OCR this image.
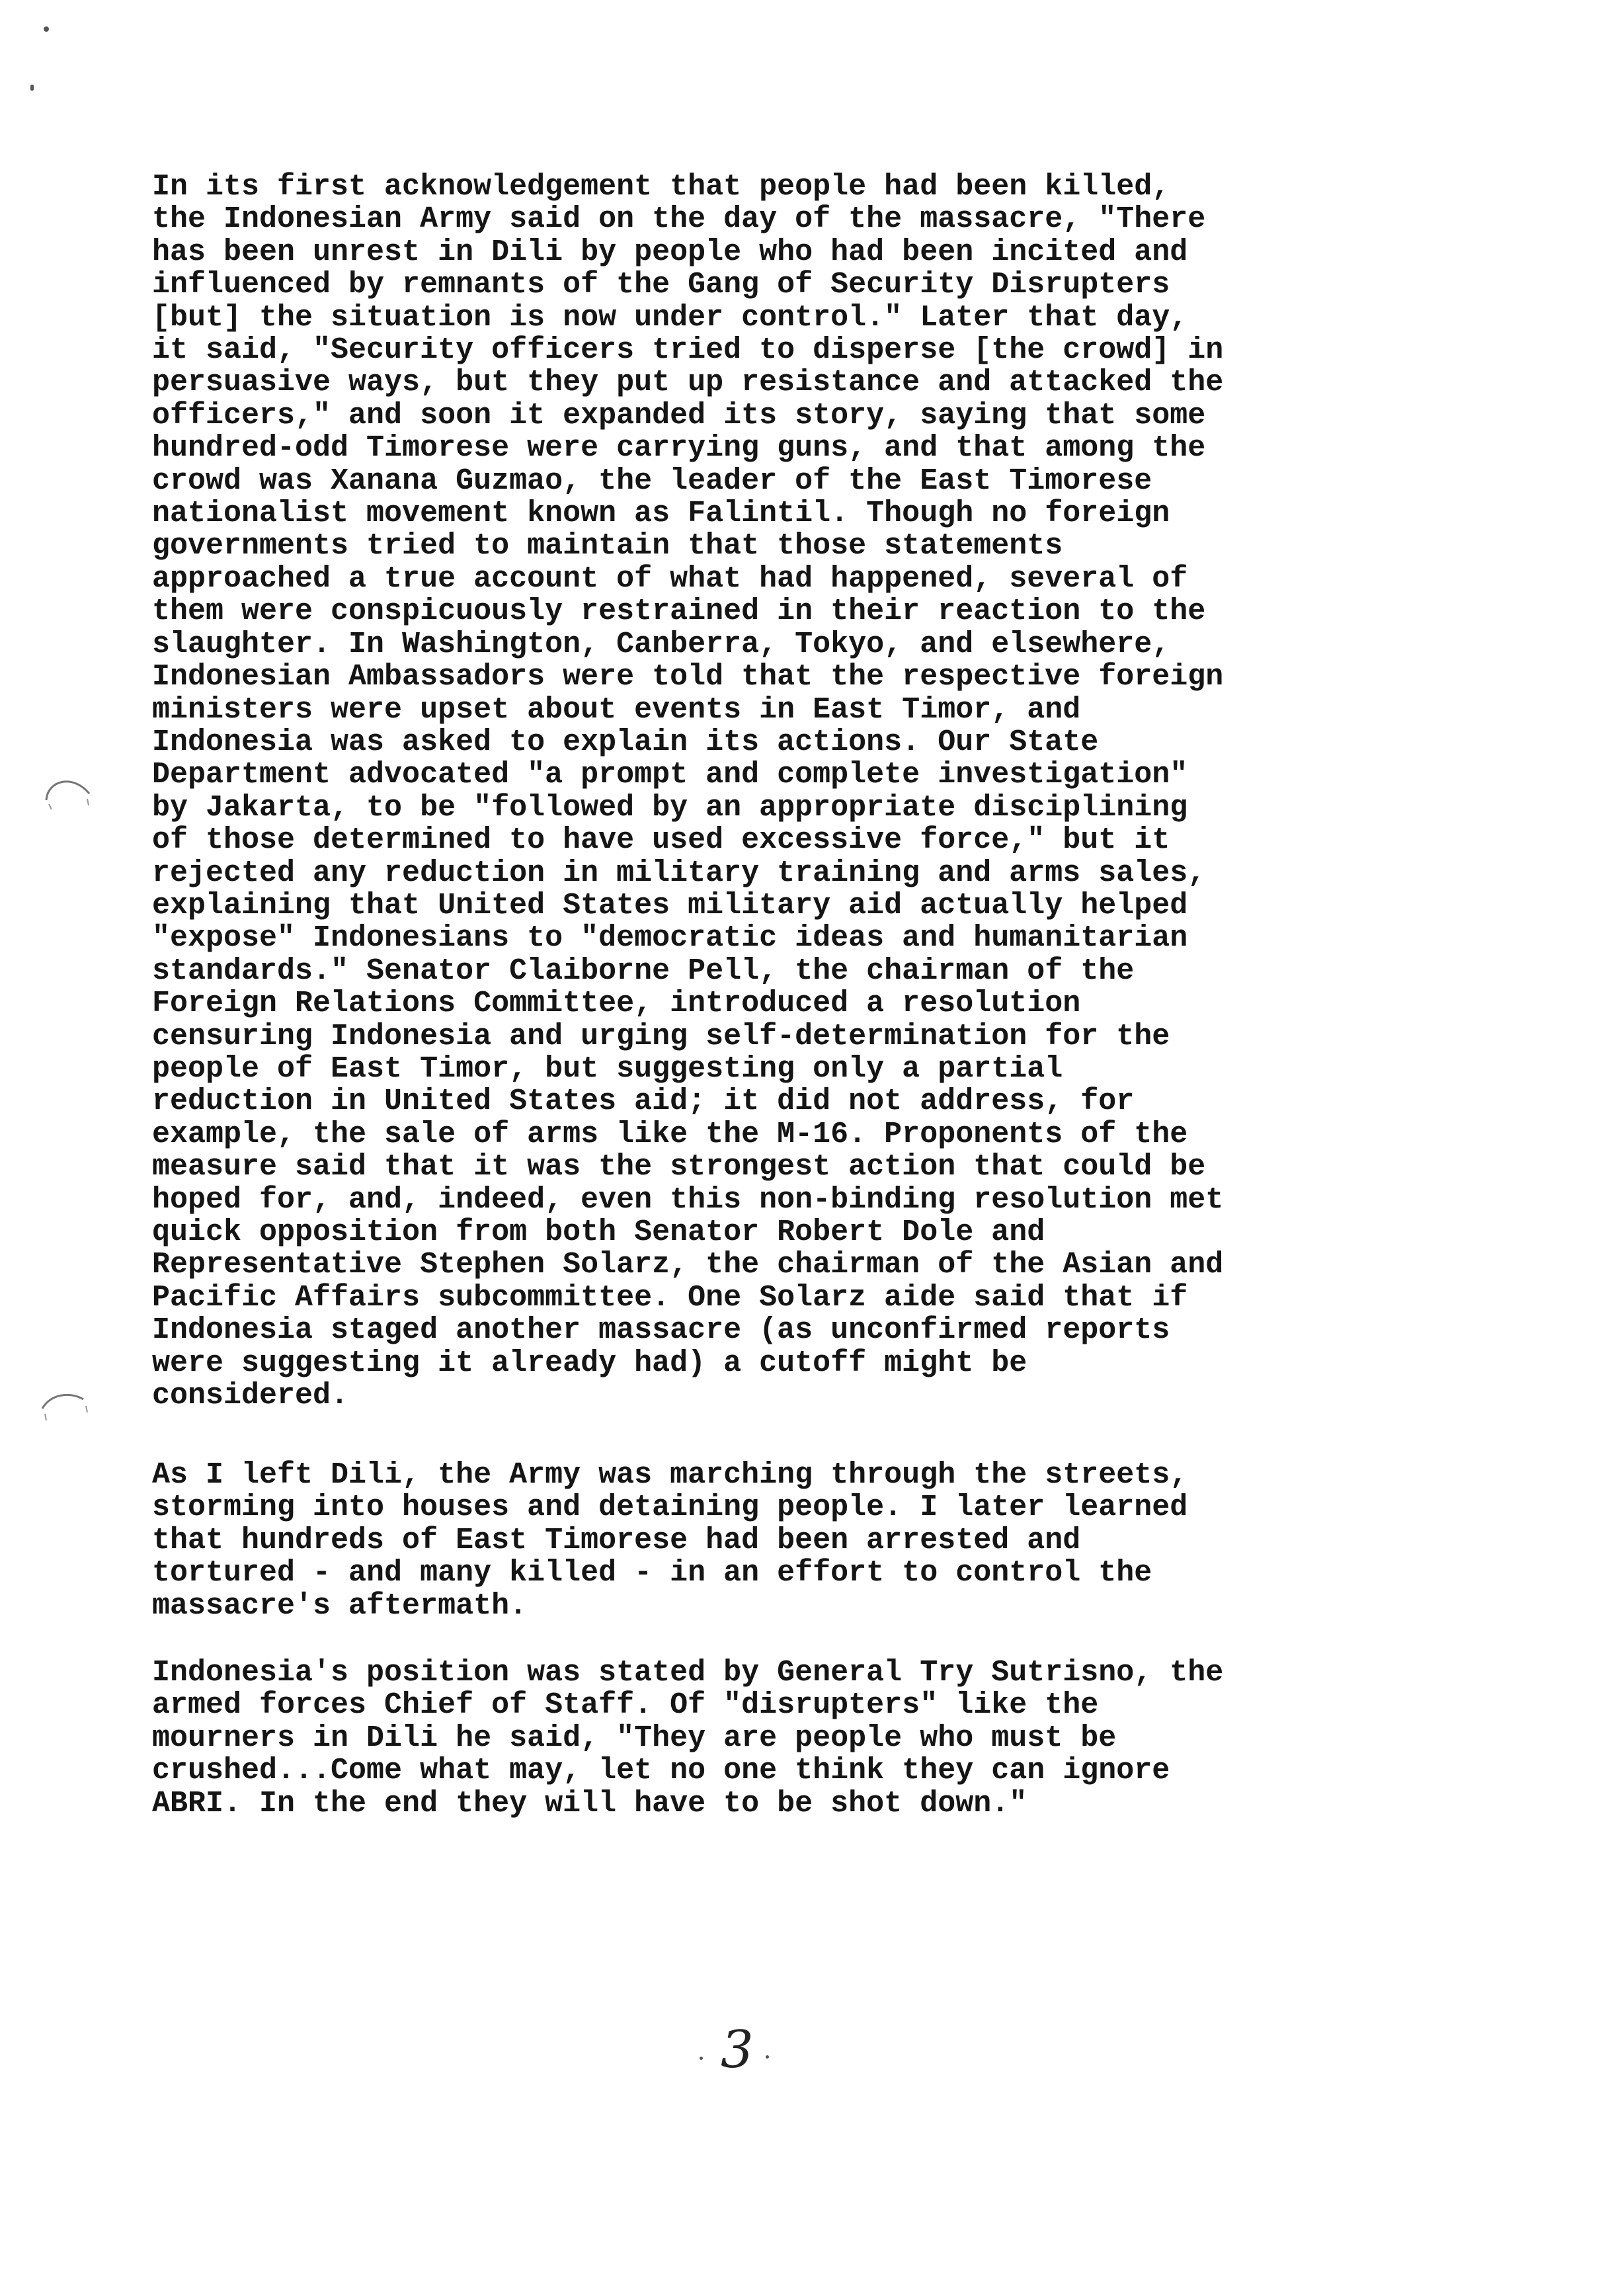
In its first acknowledgement that people had been killed,
the Indonesian Army said on the day of the massacre, "There
has been unrest in Dili by people who had been incited and
influenced by remnants of the Gang of Security Disrupters
[but] the situation is now under control." Later that day,
it said, "Security officers tried to disperse [the crowd] in
persuasive ways, but they put up resistance and attacked the
officers," and soon it expanded its story, saying that some
hundred-odd Timorese were carrying guns, and that among the
crowd was Xanana Guzmao, the leader of the East Timorese
nationalist movement known as Falintil. Though no foreign
governments tried to maintain that those statements
approached a true account of what had happened, several of
them were conspicuously restrained in their reaction to the
slaughter. In Washington, Canberra, Tokyo, and elsewhere,
Indonesian Ambassadors were told that the respective foreign
ministers were upset about events in East Timor, and
Indonesia was asked to explain its actions. Our State
Department advocated "a prompt and complete investigation"
by Jakarta, to be "followed by an appropriate disciplining
of those determined to have used excessive force," but it
rejected any reduction in military training and arms sales,
explaining that United States military aid actually helped
"expose" Indonesians to "democratic ideas and humanitarian
standards." Senator Claiborne Pell, the chairman of the
Foreign Relations Committee, introduced a resolution
censuring Indonesia and urging self-determination for the
people of East Timor, but suggesting only a partial
reduction in United States aid; it did not address, for
example, the sale of arms like the M-16. Proponents of the
measure said that it was the strongest action that could be
hoped for, and, indeed, even this non-binding resolution met
quick opposition from both Senator Robert Dole and
Representative Stephen Solarz, the chairman of the Asian and
Pacific Affairs subcommittee. One Solarz aide said that if
Indonesia staged another massacre (as unconfirmed reports
were suggesting it already had) a cutoff might be
considered.

As I left Dili, the Army was marching through the streets,
storming into houses and detaining people. I later learned
that hundreds of East Timorese had been arrested and
tortured - and many killed - in an effort to control the
massacre's aftermath.

Indonesia's position was stated by General Try Sutrisno, the
armed forces Chief of Staff. Of "disrupters" like the
mourners in Dili he said, "They are people who must be
crushed...Come what may, let no one think they can ignore
ABRI. In the end they will have to be shot down."

3
